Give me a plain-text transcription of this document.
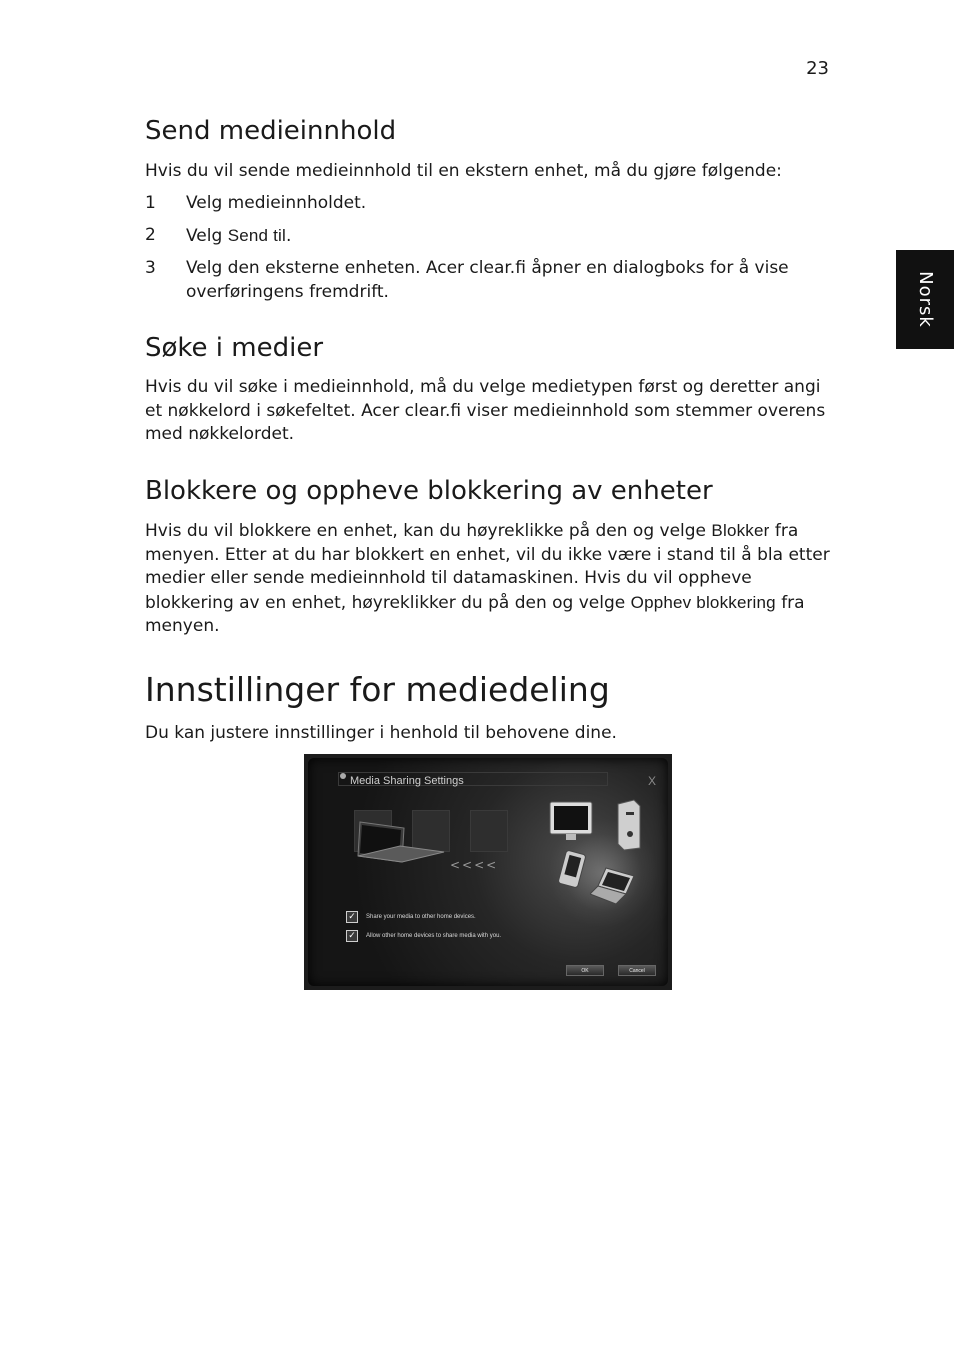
23
Norsk
Send medieinnhold

Hvis du vil sende medieinnhold til en ekstern enhet, må du gjøre følgende:

1 Velg medieinnholdet.
2 Velg Send til.
3 Velg den eksterne enheten. Acer clear.fi åpner en dialogboks for å vise overføringens fremdrift.
Søke i medier

Hvis du vil søke i medieinnhold, må du velge medietypen først og deretter angi et nøkkelord i søkefeltet. Acer clear.fi viser medieinnhold som stemmer overens med nøkkelordet.

Blokkere og oppheve blokkering av enheter

Hvis du vil blokkere en enhet, kan du høyreklikke på den og velge Blokker fra menyen. Etter at du har blokkert en enhet, vil du ikke være i stand til å bla etter medier eller sende medieinnhold til datamaskinen. Hvis du vil oppheve blokkering av en enhet, høyreklikker du på den og velge Opphev blokkering fra menyen.

Innstillinger for mediedeling

Du kan justere innstillinger i henhold til behovene dine.

Media Sharing Settings	X
<<<<
✓	Share your media to other home devices.
✓	Allow other home devices to share media with you.
OK	Cancel
